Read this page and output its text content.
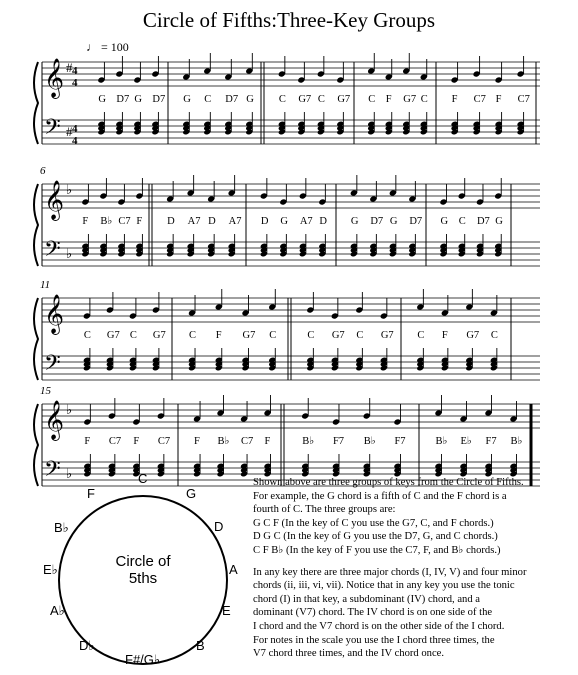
Circle of Fifths:Three-Key Groups
♩ = 100
𝄞
𝄢
#
#
4
4
4
4
G D7 G D7 G C D7 G C G7 C G7 C F G7 C F C7 F C7
𝄞
𝄢
♭
♭
6
F B♭ C7 F D A7 D A7 D G A7 D G D7 G D7 G C D7 G
𝄞
𝄢
11
C G7 C G7 C F G7 C	C G7 C G7 C F G7 C
𝄞
𝄢
♭
♭
15
F C7 F C7 F B♭ C7 F	B♭ F7 B♭ F7	B♭ E♭ F7 B♭
Circle of
5ths
C
G
D
A
E
B
F#/G♭
D♭
A♭
E♭
B♭
F

Shown above are three groups of keys from the Circle of Fifths.

For example, the G chord is a fifth of C and the F chord is a

fourth of C. The three groups are:

G C F (In the key of C you use the G7, C, and F chords.)

D G C (In the key of G you use the D7, G, and C chords.)

C F B♭ (In the key of F you use the C7, F, and B♭ chords.)

In any key there are three major chords (I, IV, V) and four minor

chords (ii, iii, vi, vii). Notice that in any key you use the tonic

chord (I) in that key, a subdominant (IV) chord, and a

dominant (V7) chord. The IV chord is on one side of the

I chord and the V7 chord is on the other side of the I chord.

For notes in the scale you use the I chord three times, the

V7 chord three times, and the IV chord once.
